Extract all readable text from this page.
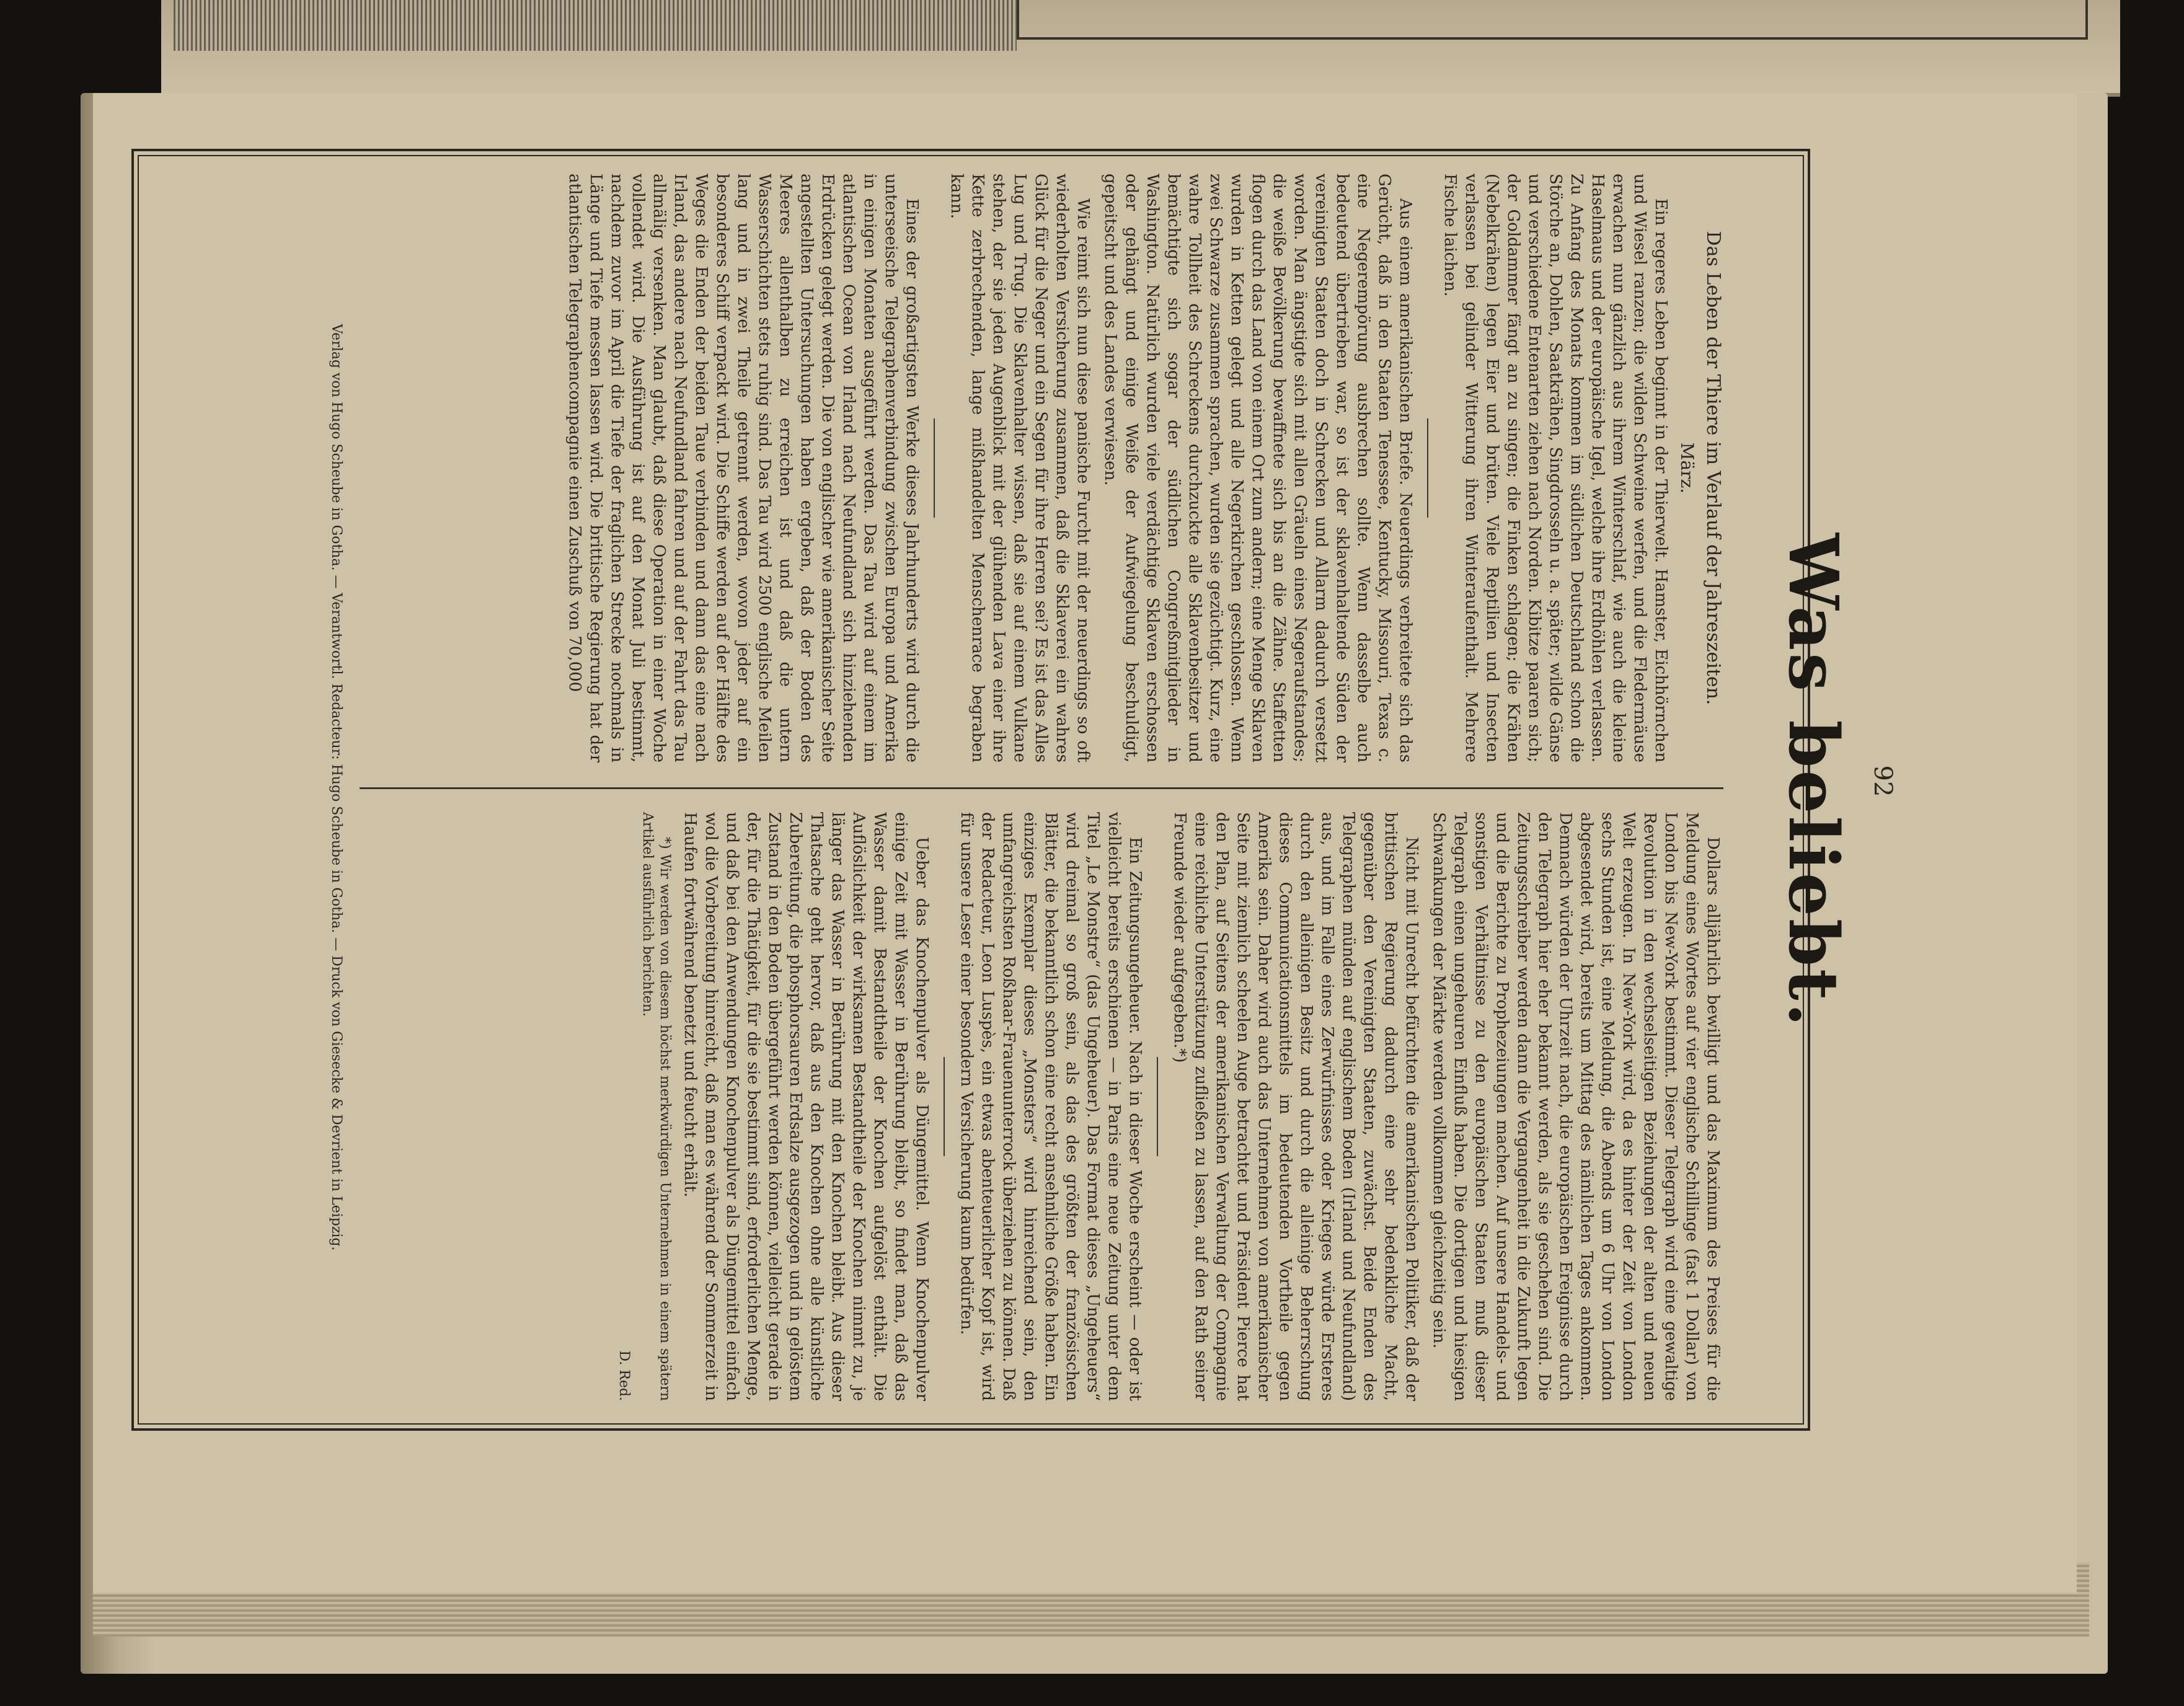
92
Was beliebt.
Das Leben der Thiere im Verlauf der Jahreszeiten.
März.

Ein regeres Leben beginnt in der Thierwelt. Hamster, Eichhörnchen und Wiesel ranzen; die wilden Schweine werfen, und die Fledermäuse erwachen nun gänzlich aus ihrem Winterschlaf, wie auch die kleine Haselmaus und der europäische Igel, welche ihre Erdhöhlen verlassen. Zu Anfang des Monats kommen im südlichen Deutschland schon die Störche an, Dohlen, Saatkrähen, Singdrosseln u. a. später; wilde Gänse und verschiedene Entenarten ziehen nach Norden. Kibitze paaren sich; der Goldammer fängt an zu singen; die Finken schlagen; die Krähen (Nebelkrähen) legen Eier und brüten. Viele Reptilien und Insecten verlassen bei gelinder Witterung ihren Winteraufenthalt. Mehrere Fische laichen.

Aus einem amerikanischen Briefe. Neuerdings verbreitete sich das Gerücht, daß in den Staaten Tenessee, Kentucky, Missouri, Texas c. eine Negerempörung ausbrechen sollte. Wenn dasselbe auch bedeutend übertrieben war, so ist der sklavenhaltende Süden der vereinigten Staaten doch in Schrecken und Allarm dadurch versetzt worden. Man ängstigte sich mit allen Gräueln eines Negeraufstandes; die weiße Bevölkerung bewaffnete sich bis an die Zähne. Staffetten flogen durch das Land von einem Ort zum andern; eine Menge Sklaven wurden in Ketten gelegt und alle Negerkirchen geschlossen. Wenn zwei Schwarze zusammen sprachen, wurden sie gezüchtigt. Kurz, eine wahre Tollheit des Schreckens durchzuckte alle Sklavenbesitzer und bemächtigte sich sogar der südlichen Congreßmitglieder in Washington. Natürlich wurden viele verdächtige Sklaven erschossen oder gehängt und einige Weiße der Aufwiegelung beschuldigt, gepeitscht und des Landes verwiesen.

Wie reimt sich nun diese panische Furcht mit der neuerdings so oft wiederholten Versicherung zusammen, daß die Sklaverei ein wahres Glück für die Neger und ein Segen für ihre Herren sei? Es ist das Alles Lug und Trug. Die Sklavenhalter wissen, daß sie auf einem Vulkane stehen, der sie jeden Augenblick mit der glühenden Lava einer ihre Kette zerbrechenden, lange mißhandelten Menschenrace begraben kann.

Eines der großartigsten Werke dieses Jahrhunderts wird durch die unterseeische Telegraphenverbindung zwischen Europa und Amerika in einigen Monaten ausgeführt werden. Das Tau wird auf einem im atlantischen Ocean von Irland nach Neufundland sich hinziehenden Erdrücken gelegt werden. Die von englischer wie amerikanischer Seite angestellten Untersuchungen haben ergeben, daß der Boden des Meeres allenthalben zu erreichen ist und daß die untern Wasserschichten stets ruhig sind. Das Tau wird 2500 englische Meilen lang und in zwei Theile getrennt werden, wovon jeder auf ein besonderes Schiff verpackt wird. Die Schiffe werden auf der Hälfte des Weges die Enden der beiden Taue verbinden und dann das eine nach Irland, das andere nach Neufundland fahren und auf der Fahrt das Tau allmälig versenken. Man glaubt, daß diese Operation in einer Woche vollendet wird. Die Ausführung ist auf den Monat Juli bestimmt, nachdem zuvor im April die Tiefe der fraglichen Strecke nochmals in Länge und Tiefe messen lassen wird. Die brittische Regierung hat der atlantischen Telegraphencompagnie einen Zuschuß von 70,000

Dollars alljährlich bewilligt und das Maximum des Preises für die Meldung eines Wortes auf vier englische Schillinge (fast 1 Dollar) von London bis New-York bestimmt. Dieser Telegraph wird eine gewaltige Revolution in den wechselseitigen Beziehungen der alten und neuen Welt erzeugen. In New-York wird, da es hinter der Zeit von London sechs Stunden ist, eine Meldung, die Abends um 6 Uhr von London abgesendet wird, bereits um Mittag des nämlichen Tages ankommen. Demnach würden der Uhrzeit nach, die europäischen Ereignisse durch den Telegraph hier eher bekannt werden, als sie geschehen sind. Die Zeitungsschreiber werden dann die Vergangenheit in die Zukunft legen und die Berichte zu Prophezeiungen machen. Auf unsere Handels- und sonstigen Verhältnisse zu den europäischen Staaten muß dieser Telegraph einen ungeheuren Einfluß haben. Die dortigen und hiesigen Schwankungen der Märkte werden vollkommen gleichzeitig sein.

Nicht mit Unrecht befürchten die amerikanischen Politiker, daß der brittischen Regierung dadurch eine sehr bedenkliche Macht, gegenüber den Vereinigten Staaten, zuwächst. Beide Enden des Telegraphen münden auf englischem Boden (Irland und Neufundland) aus, und im Falle eines Zerwürfnisses oder Krieges würde Ersteres durch den alleinigen Besitz und durch die alleinige Beherrschung dieses Communicationsmittels im bedeutenden Vortheile gegen Amerika sein. Daher wird auch das Unternehmen von amerikanischer Seite mit ziemlich scheelen Auge betrachtet und Präsident Pierce hat den Plan, auf Seitens der amerikanischen Verwaltung der Compagnie eine reichliche Unterstützung zufließen zu lassen, auf den Rath seiner Freunde wieder aufgegeben.*)

Ein Zeitungsungeheuer. Nach in dieser Woche erscheint — oder ist vielleicht bereits erschienen — in Paris eine neue Zeitung unter dem Titel „Le Monstre“ (das Ungeheuer). Das Format dieses „Ungeheuers“ wird dreimal so groß sein, als das des größten der französischen Blätter, die bekanntlich schon eine recht ansehnliche Größe haben. Ein einziges Exemplar dieses „Monsters“ wird hinreichend sein, den umfangreichsten Roßhaar-Frauenunterrock überziehen zu können. Daß der Redacteur, Leon Luspès, ein etwas abenteuerlicher Kopf ist, wird für unsere Leser einer besondern Versicherung kaum bedürfen.

Ueber das Knochenpulver als Düngemittel. Wenn Knochenpulver einige Zeit mit Wasser in Berührung bleibt, so findet man, daß das Wasser damit Bestandtheile der Knochen aufgelöst enthält. Die Auflöslichkeit der wirksamen Bestandtheile der Knochen nimmt zu, je länger das Wasser in Berührung mit den Knochen bleibt. Aus dieser Thatsache geht hervor, daß aus den Knochen ohne alle künstliche Zubereitung, die phosphorsauren Erdsalze ausgezogen und in gelöstem Zustand in den Boden übergeführt werden können, vielleicht gerade in der, für die Thätigkeit, für die sie bestimmt sind, erforderlichen Menge, und daß bei den Anwendungen Knochenpulver als Düngemittel einfach wol die Vorbereitung hinreicht, daß man es während der Sommerzeit in Haufen fortwährend benetzt und feucht erhält.

*) Wir werden von diesem höchst merkwürdigen Unternehmen in einem spätern Artikel ausführlich berichten.

D. Red.

Verlag von Hugo Scheube in Gotha. — Verantwortl. Redacteur: Hugo Scheube in Gotha. — Druck von Giesecke & Devrient in Leipzig.
